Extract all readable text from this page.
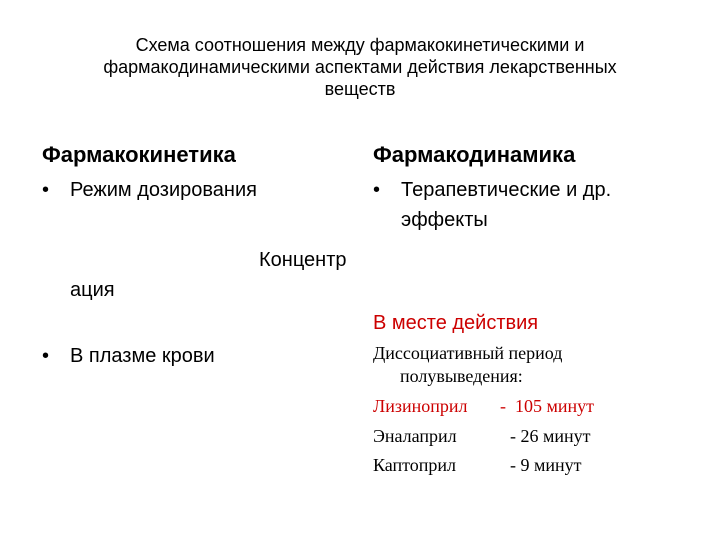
Схема соотношения между фармакокинетическими и
фармакодинамическими аспектами действия лекарственных
веществ
Фармакокинетика	Фармакодинамика
• Режим дозирования	• Терапевтические и др.
эффекты
Концентр
ация
В месте действия
• В плазме крови	Диссоциативный период
полувыведения:
Лизиноприл -  105 минут
Эналаприл	- 26 минут
Каптоприл	- 9 минут
